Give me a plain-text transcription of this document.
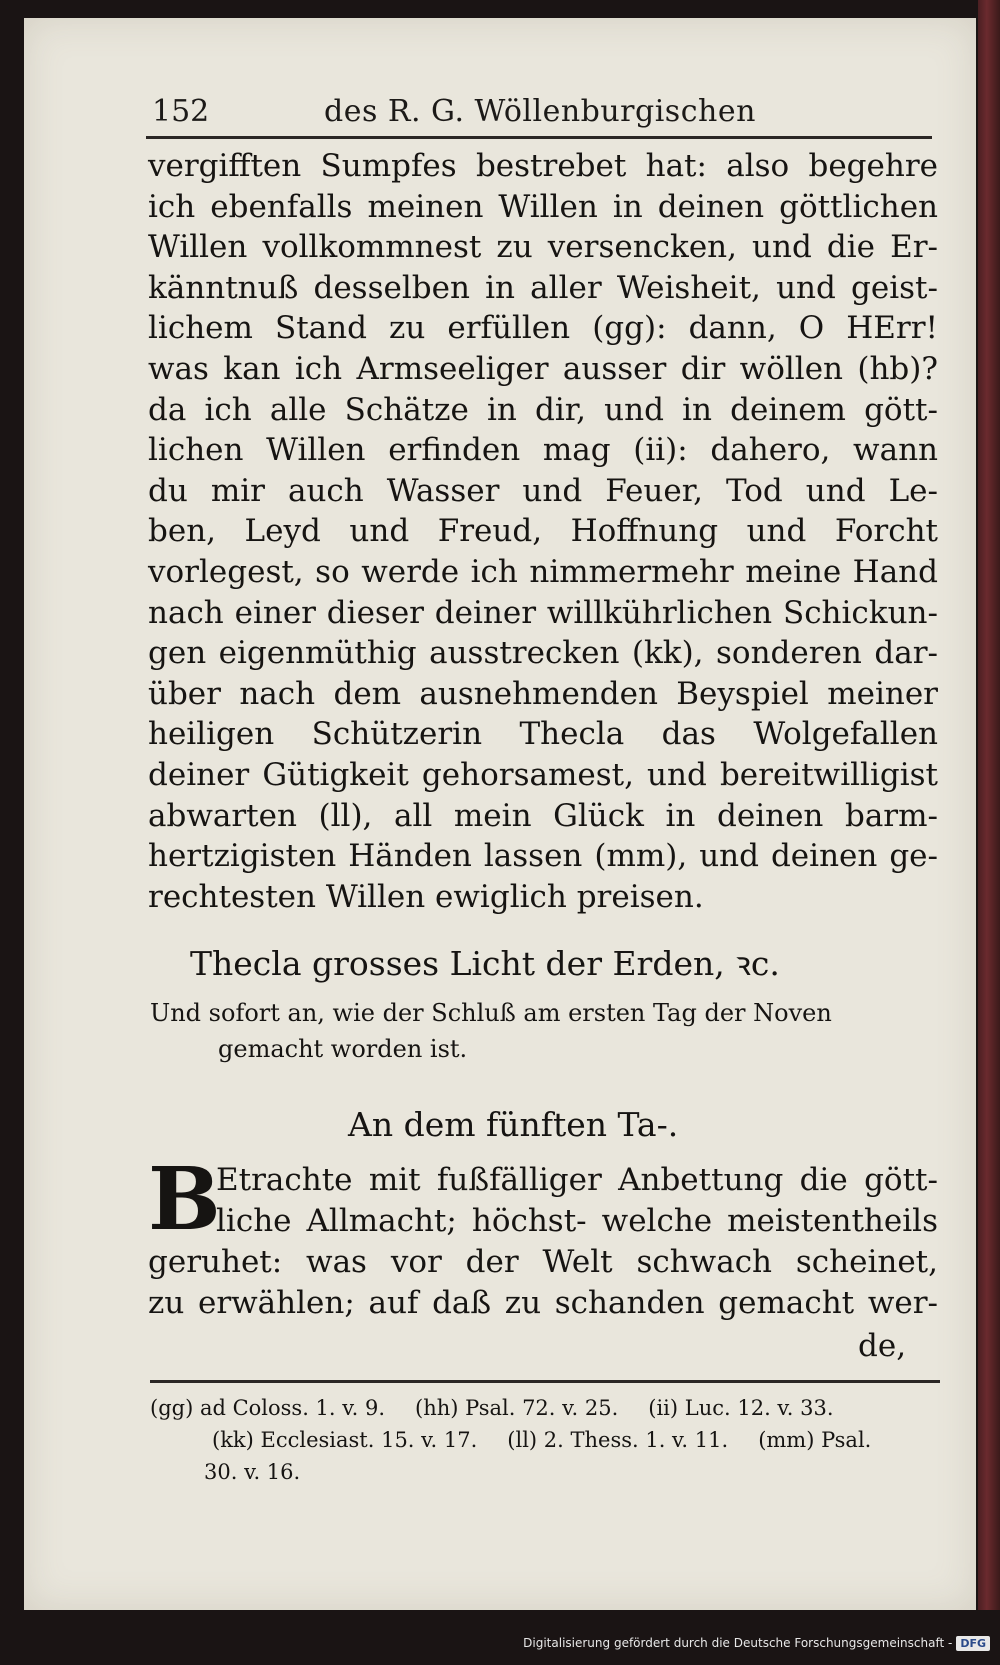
152	des R. G. Wöllenburgischen
vergifften Sumpfes bestrebet hat: also begehre
ich ebenfalls meinen Willen in deinen göttlichen
Willen vollkommnest zu versencken, und die Er-
känntnuß desselben in aller Weisheit, und geist-
lichem Stand zu erfüllen (gg): dann, O HErr!
was kan ich Armseeliger ausser dir wöllen (hb)?
da ich alle Schätze in dir, und in deinem gött-
lichen Willen erfinden mag (ii): dahero, wann
du mir auch Wasser und Feuer, Tod und Le-
ben, Leyd und Freud, Hoffnung und Forcht
vorlegest, so werde ich nimmermehr meine Hand
nach einer dieser deiner willkührlichen Schickun-
gen eigenmüthig ausstrecken (kk), sonderen dar-
über nach dem ausnehmenden Beyspiel meiner
heiligen Schützerin Thecla das Wolgefallen
deiner Gütigkeit gehorsamest, und bereitwilligist
abwarten (ll), all mein Glück in deinen barm-
hertzigisten Händen lassen (mm), und deinen ge-
rechtesten Willen ewiglich preisen.
Thecla grosses Licht der Erden, ꝛc.
Und sofort an, wie der Schluß am ersten Tag der Noven
gemacht worden ist.
An dem fünften Ta-.
B
Etrachte mit fußfälliger Anbettung die gött-
liche Allmacht; höchst- welche meistentheils
geruhet: was vor der Welt schwach scheinet,
zu erwählen; auf daß zu schanden gemacht wer-
de,
(gg) ad Coloss. 1. v. 9. (hh) Psal. 72. v. 25. (ii) Luc. 12. v. 33.
(kk) Ecclesiast. 15. v. 17. (ll) 2. Thess. 1. v. 11. (mm) Psal.
30. v. 16.
Digitalisierung gefördert durch die Deutsche Forschungsgemeinschaft - DFG
